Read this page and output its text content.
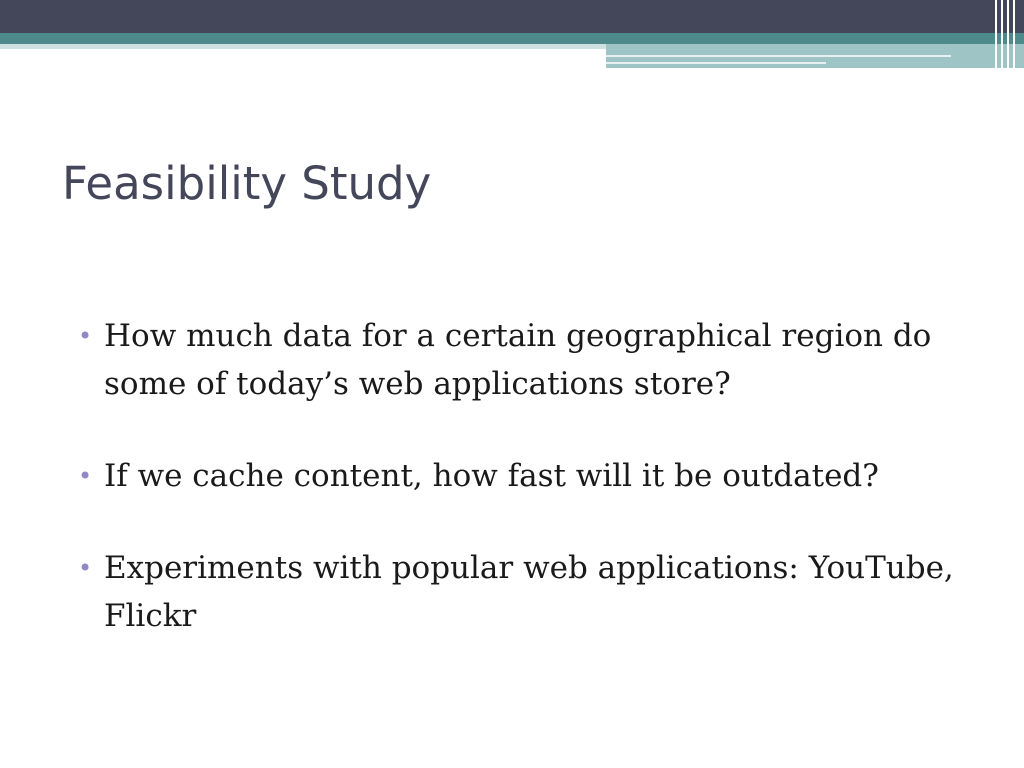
Feasibility Study
• How much data for a certain geographical region do some of today’s web applications store?
• If we cache content, how fast will it be outdated?
• Experiments with popular web applications: YouTube, Flickr
